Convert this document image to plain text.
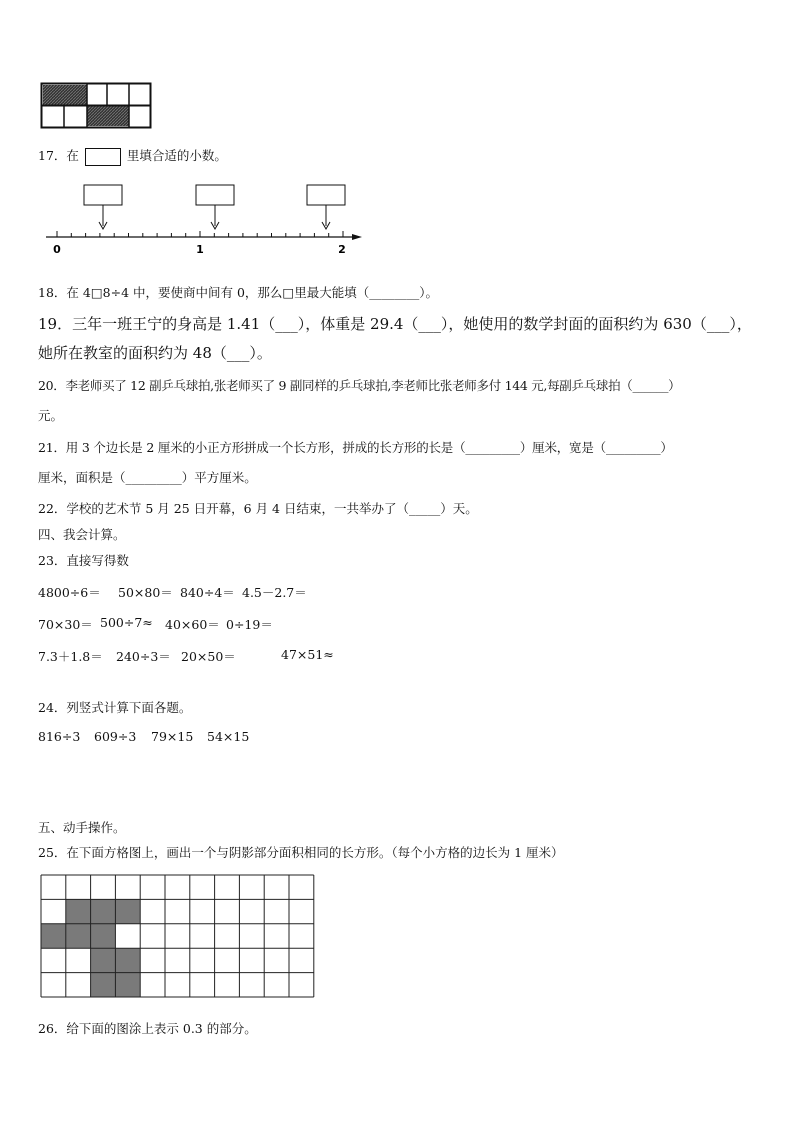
17．在	里填合适的小数。
0	1	2
18．在 4□8÷4 中，要使商中间有 0，那么□里最大能填（________）。
19．三年一班王宁的身高是 1.41（___），体重是 29.4（___），她使用的数学封面的面积约为 630（___），
她所在教室的面积约为 48（___）。
20．李老师买了 12 副乒乓球拍,张老师买了 9 副同样的乒乓球拍,李老师比张老师多付 144 元,每副乒乓球拍（______）
元。
21．用 3 个边长是 2 厘米的小正方形拼成一个长方形，拼成的长方形的长是（_________）厘米，宽是（_________）
厘米，面积是（_________）平方厘米。
22．学校的艺术节 5 月 25 日开幕，6 月 4 日结束，一共举办了（_____）天。
四、我会计算。
23．直接写得数
4800÷6＝ 50×80＝ 840÷4＝ 4.5－2.7＝
70×30＝ 500÷7≈ 40×60＝ 0÷19＝
7.3＋1.8＝ 240÷3＝ 20×50＝	47×51≈
24．列竖式计算下面各题。
816÷3 609÷3 79×15 54×15
五、动手操作。
25．在下面方格图上，画出一个与阴影部分面积相同的长方形。（每个小方格的边长为 1 厘米）
26．给下面的图涂上表示 0.3 的部分。
